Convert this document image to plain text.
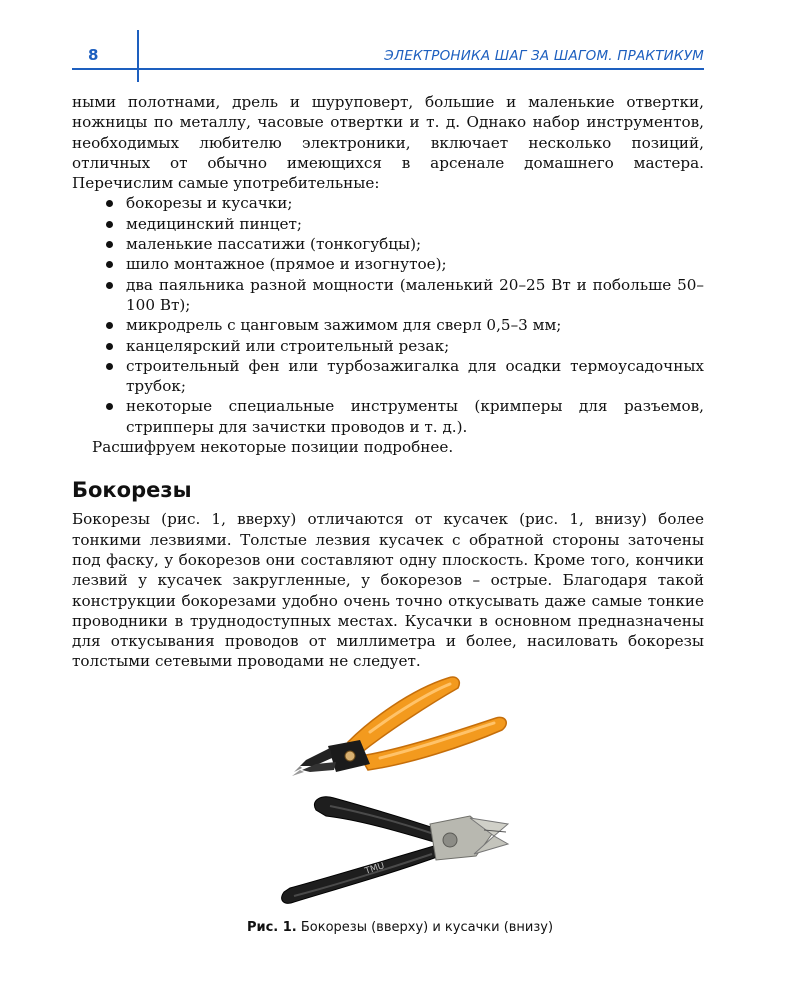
8	ЭЛЕКТРОНИКА ШАГ ЗА ШАГОМ. ПРАКТИКУМ

ными полотнами, дрель и шуруповерт, большие и маленькие отвертки, ножницы по металлу, часовые отвертки и т. д. Однако набор инструментов, необходимых любителю электроники, включает несколько позиций, отличных от обычно имеющихся в арсенале домашнего мастера. Перечислим самые употребительные:

бокорезы и кусачки;
медицинский пинцет;
маленькие пассатижи (тонкогубцы);
шило монтажное (прямое и изогнутое);
два паяльника разной мощности (маленький 20–25 Вт и побольше 50–100 Вт);
микродрель с цанговым зажимом для сверл 0,5–3 мм;
канцелярский или строительный резак;
строительный фен или турбозажигалка для осадки термоусадочных трубок;
некоторые специальные инструменты (кримперы для разъемов, стрипперы для зачистки проводов и т. д.).

Расшифруем некоторые позиции подробнее.

Бокорезы

Бокорезы (рис. 1, вверху) отличаются от кусачек (рис. 1, внизу) более тонкими лезвиями. Толстые лезвия кусачек с обратной стороны заточены под фаску, у бокорезов они составляют одну плоскость. Кроме того, кончики лезвий у кусачек закругленные, у бокорезов – острые. Благодаря такой конструкции бокорезами удобно очень точно откусывать даже самые тонкие проводники в труднодоступных местах. Кусачки в основном предназначены для откусывания проводов от миллиметра и более, насиловать бокорезы толстыми сетевыми проводами не следует.

TMU
Рис. 1. Бокорезы (вверху) и кусачки (внизу)
